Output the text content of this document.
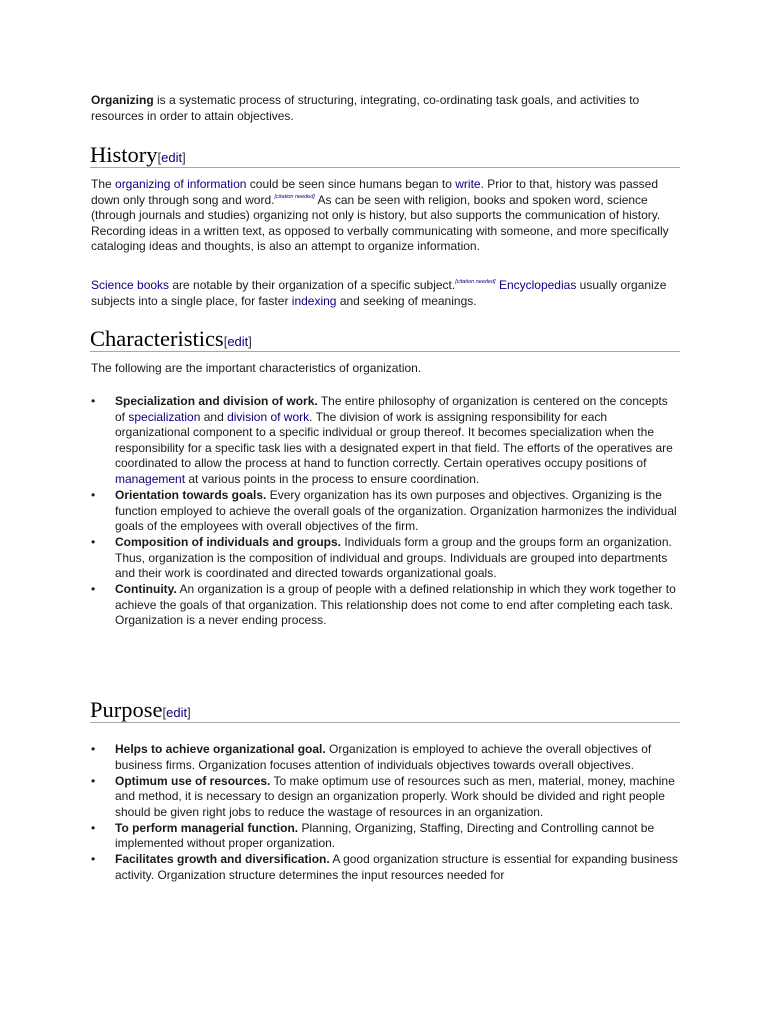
Organizing is a systematic process of structuring, integrating, co-ordinating task goals, and activities to resources in order to attain objectives.

History[edit]

The organizing of information could be seen since humans began to write. Prior to that, history was passed down only through song and word.[citation needed] As can be seen with religion, books and spoken word, science (through journals and studies) organizing not only is history, but also supports the communication of history. Recording ideas in a written text, as opposed to verbally communicating with someone, and more specifically cataloging ideas and thoughts, is also an attempt to organize information.

Science books are notable by their organization of a specific subject.[citation needed] Encyclopedias usually organize subjects into a single place, for faster indexing and seeking of meanings.

Characteristics[edit]

The following are the important characteristics of organization.

• Specialization and division of work. The entire philosophy of organization is centered on the concepts of specialization and division of work. The division of work is assigning responsibility for each organizational component to a specific individual or group thereof. It becomes specialization when the responsibility for a specific task lies with a designated expert in that field. The efforts of the operatives are coordinated to allow the process at hand to function correctly. Certain operatives occupy positions of management at various points in the process to ensure coordination.
• Orientation towards goals. Every organization has its own purposes and objectives. Organizing is the function employed to achieve the overall goals of the organization. Organization harmonizes the individual goals of the employees with overall objectives of the firm.
• Composition of individuals and groups. Individuals form a group and the groups form an organization. Thus, organization is the composition of individual and groups. Individuals are grouped into departments and their work is coordinated and directed towards organizational goals.
• Continuity. An organization is a group of people with a defined relationship in which they work together to achieve the goals of that organization. This relationship does not come to end after completing each task. Organization is a never ending process.
Purpose[edit]
• Helps to achieve organizational goal. Organization is employed to achieve the overall objectives of business firms. Organization focuses attention of individuals objectives towards overall objectives.
• Optimum use of resources. To make optimum use of resources such as men, material, money, machine and method, it is necessary to design an organization properly. Work should be divided and right people should be given right jobs to reduce the wastage of resources in an organization.
• To perform managerial function. Planning, Organizing, Staffing, Directing and Controlling cannot be implemented without proper organization.
• Facilitates growth and diversification. A good organization structure is essential for expanding business activity. Organization structure determines the input resources needed for
